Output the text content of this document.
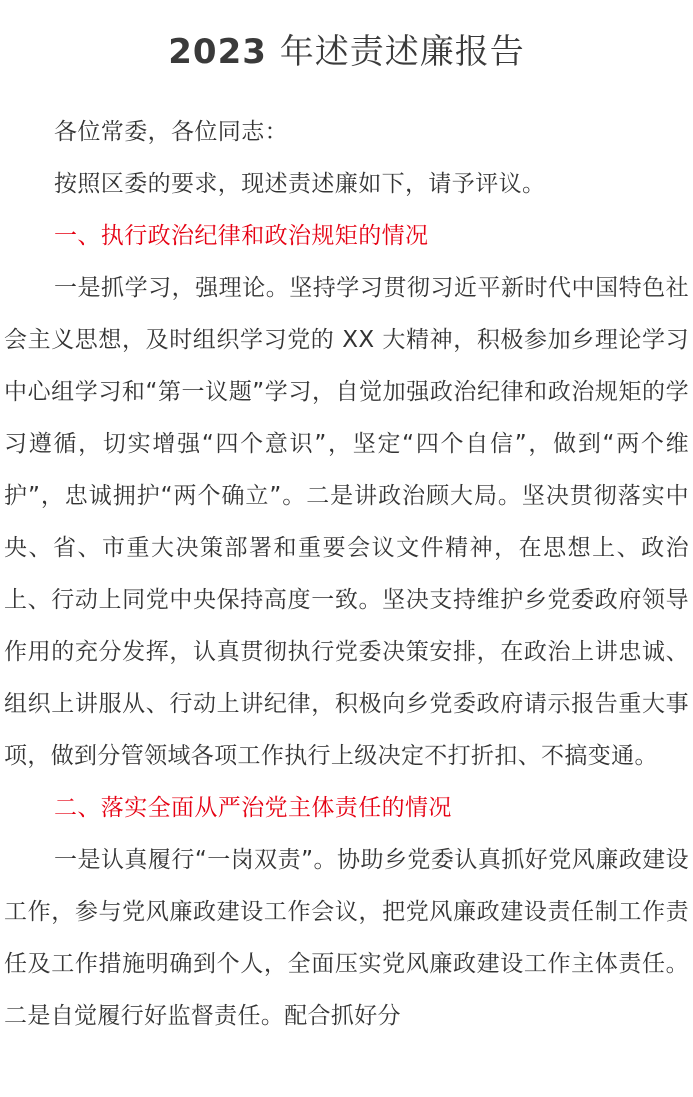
2023 年述责述廉报告

各位常委，各位同志：

按照区委的要求，现述责述廉如下，请予评议。

一、执行政治纪律和政治规矩的情况

一是抓学习，强理论。坚持学习贯彻习近平新时代中国特色社会主义思想，及时组织学习党的 XX 大精神，积极参加乡理论学习中心组学习和“第一议题”学习，自觉加强政治纪律和政治规矩的学习遵循，切实增强“四个意识”，坚定“四个自信”，做到“两个维护”，忠诚拥护“两个确立”。二是讲政治顾大局。坚决贯彻落实中央、省、市重大决策部署和重要会议文件精神，在思想上、政治上、行动上同党中央保持高度一致。坚决支持维护乡党委政府领导作用的充分发挥，认真贯彻执行党委决策安排，在政治上讲忠诚、组织上讲服从、行动上讲纪律，积极向乡党委政府请示报告重大事项，做到分管领域各项工作执行上级决定不打折扣、不搞变通。

二、落实全面从严治党主体责任的情况

一是认真履行“一岗双责”。协助乡党委认真抓好党风廉政建设工作，参与党风廉政建设工作会议，把党风廉政建设责任制工作责任及工作措施明确到个人，全面压实党风廉政建设工作主体责任。二是自觉履行好监督责任。配合抓好分
